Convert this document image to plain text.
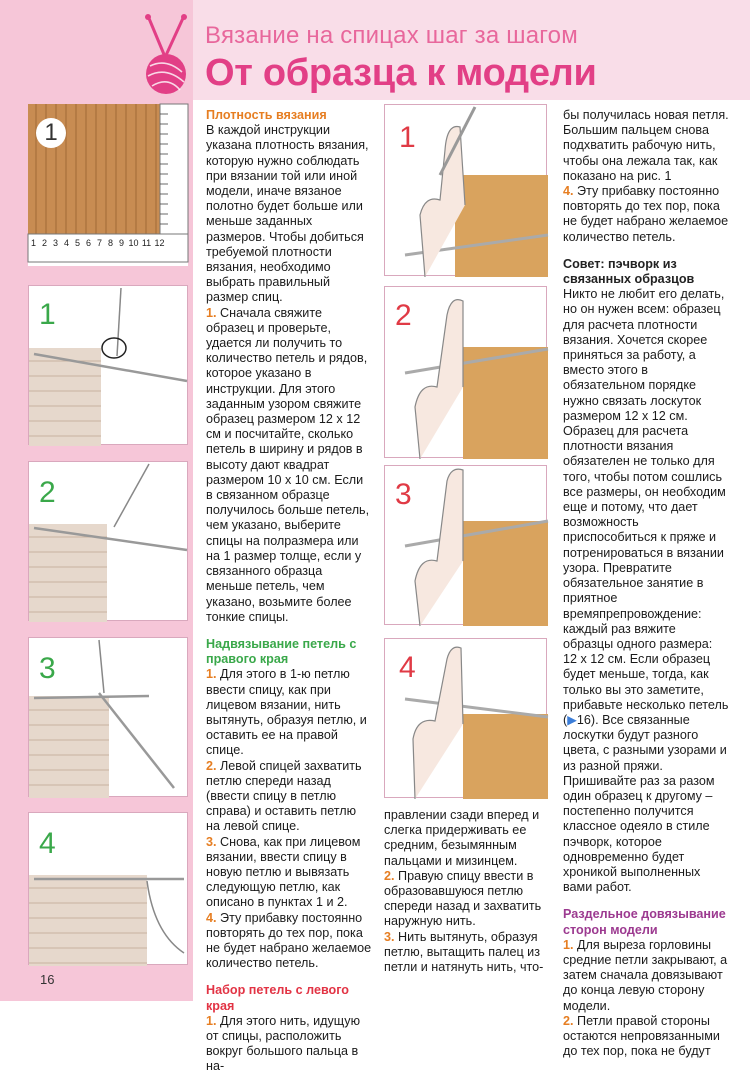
Вязание на спицах шаг за шагом
От образца к модели
1 2 3 4 5 6 7 8 9 10 11 12
1
1
2
3
4

Плотность вязания

В каждой инструкции указана плотность вязания, которую нужно соблюдать при вязании той или иной модели, иначе вязаное полотно будет больше или меньше заданных размеров. Чтобы добиться требуемой плотности вязания, необходимо выбрать правильный размер спиц.

1. Сначала свяжите образец и проверьте, удается ли получить то количество петель и рядов, которое указано в инструкции. Для этого заданным узором свяжите образец размером 12 х 12 см и посчитайте, сколько петель в ширину и рядов в высоту дают квадрат размером 10 х 10 см. Если в связанном образце получилось больше петель, чем указано, выберите спицы на полразмера или на 1 размер толще, если у связанного образца меньше петель, чем указано, возьмите более тонкие спицы.

Надвязывание петель с правого края

1. Для этого в 1-ю петлю ввести спицу, как при лицевом вязании, нить вытянуть, образуя петлю, и оставить ее на правой спице.

2. Левой спицей захватить петлю спереди назад (ввести спицу в петлю справа) и оставить петлю на левой спице.

3. Снова, как при лицевом вязании, ввести спицу в новую петлю и вывязать следующую петлю, как описано в пунктах 1 и 2.

4. Эту прибавку постоянно повторять до тех пор, пока не будет набрано желаемое количество петель.

Набор петель с левого края

1. Для этого нить, идущую от спицы, расположить вокруг большого пальца в на-

1
2
3
4

правлении сзади вперед и слегка придерживать ее средним, безымянным пальцами и мизинцем.

2. Правую спицу ввести в образовавшуюся петлю спереди назад и захватить наружную нить.

3. Нить вытянуть, образуя петлю, вытащить палец из петли и натянуть нить, что-

бы получилась новая петля. Большим пальцем снова подхватить рабочую нить, чтобы она лежала так, как показано на рис. 1

4. Эту прибавку постоянно повторять до тех пор, пока не будет набрано желаемое количество петель.

Совет: пэчворк из связанных образцов

Никто не любит его делать, но он нужен всем: образец для расчета плотности вязания. Хочется скорее приняться за работу, а вместо этого в обязательном порядке нужно связать лоскуток размером 12 х 12 см. Образец для расчета плотности вязания обязателен не только для того, чтобы потом сошлись все размеры, он необходим еще и потому, что дает возможность приспособиться к пряже и потренироваться в вязании узора. Превратите обязательное занятие в приятное времяпрепровождение: каждый раз вяжите образцы одного размера: 12 х 12 см. Если образец будет меньше, тогда, как только вы это заметите, прибавьте несколько петель (▶16). Все связанные лоскутки будут разного цвета, с разными узорами и из разной пряжи. Пришивайте раз за разом один образец к другому – постепенно получится классное одеяло в стиле пэчворк, которое одновременно будет хроникой выполненных вами работ.

Раздельное довязывание сторон модели

1. Для выреза горловины средние петли закрывают, а затем сначала довязывают до конца левую сторону модели.

2. Петли правой стороны остаются непровязанными до тех пор, пока не будут

16
